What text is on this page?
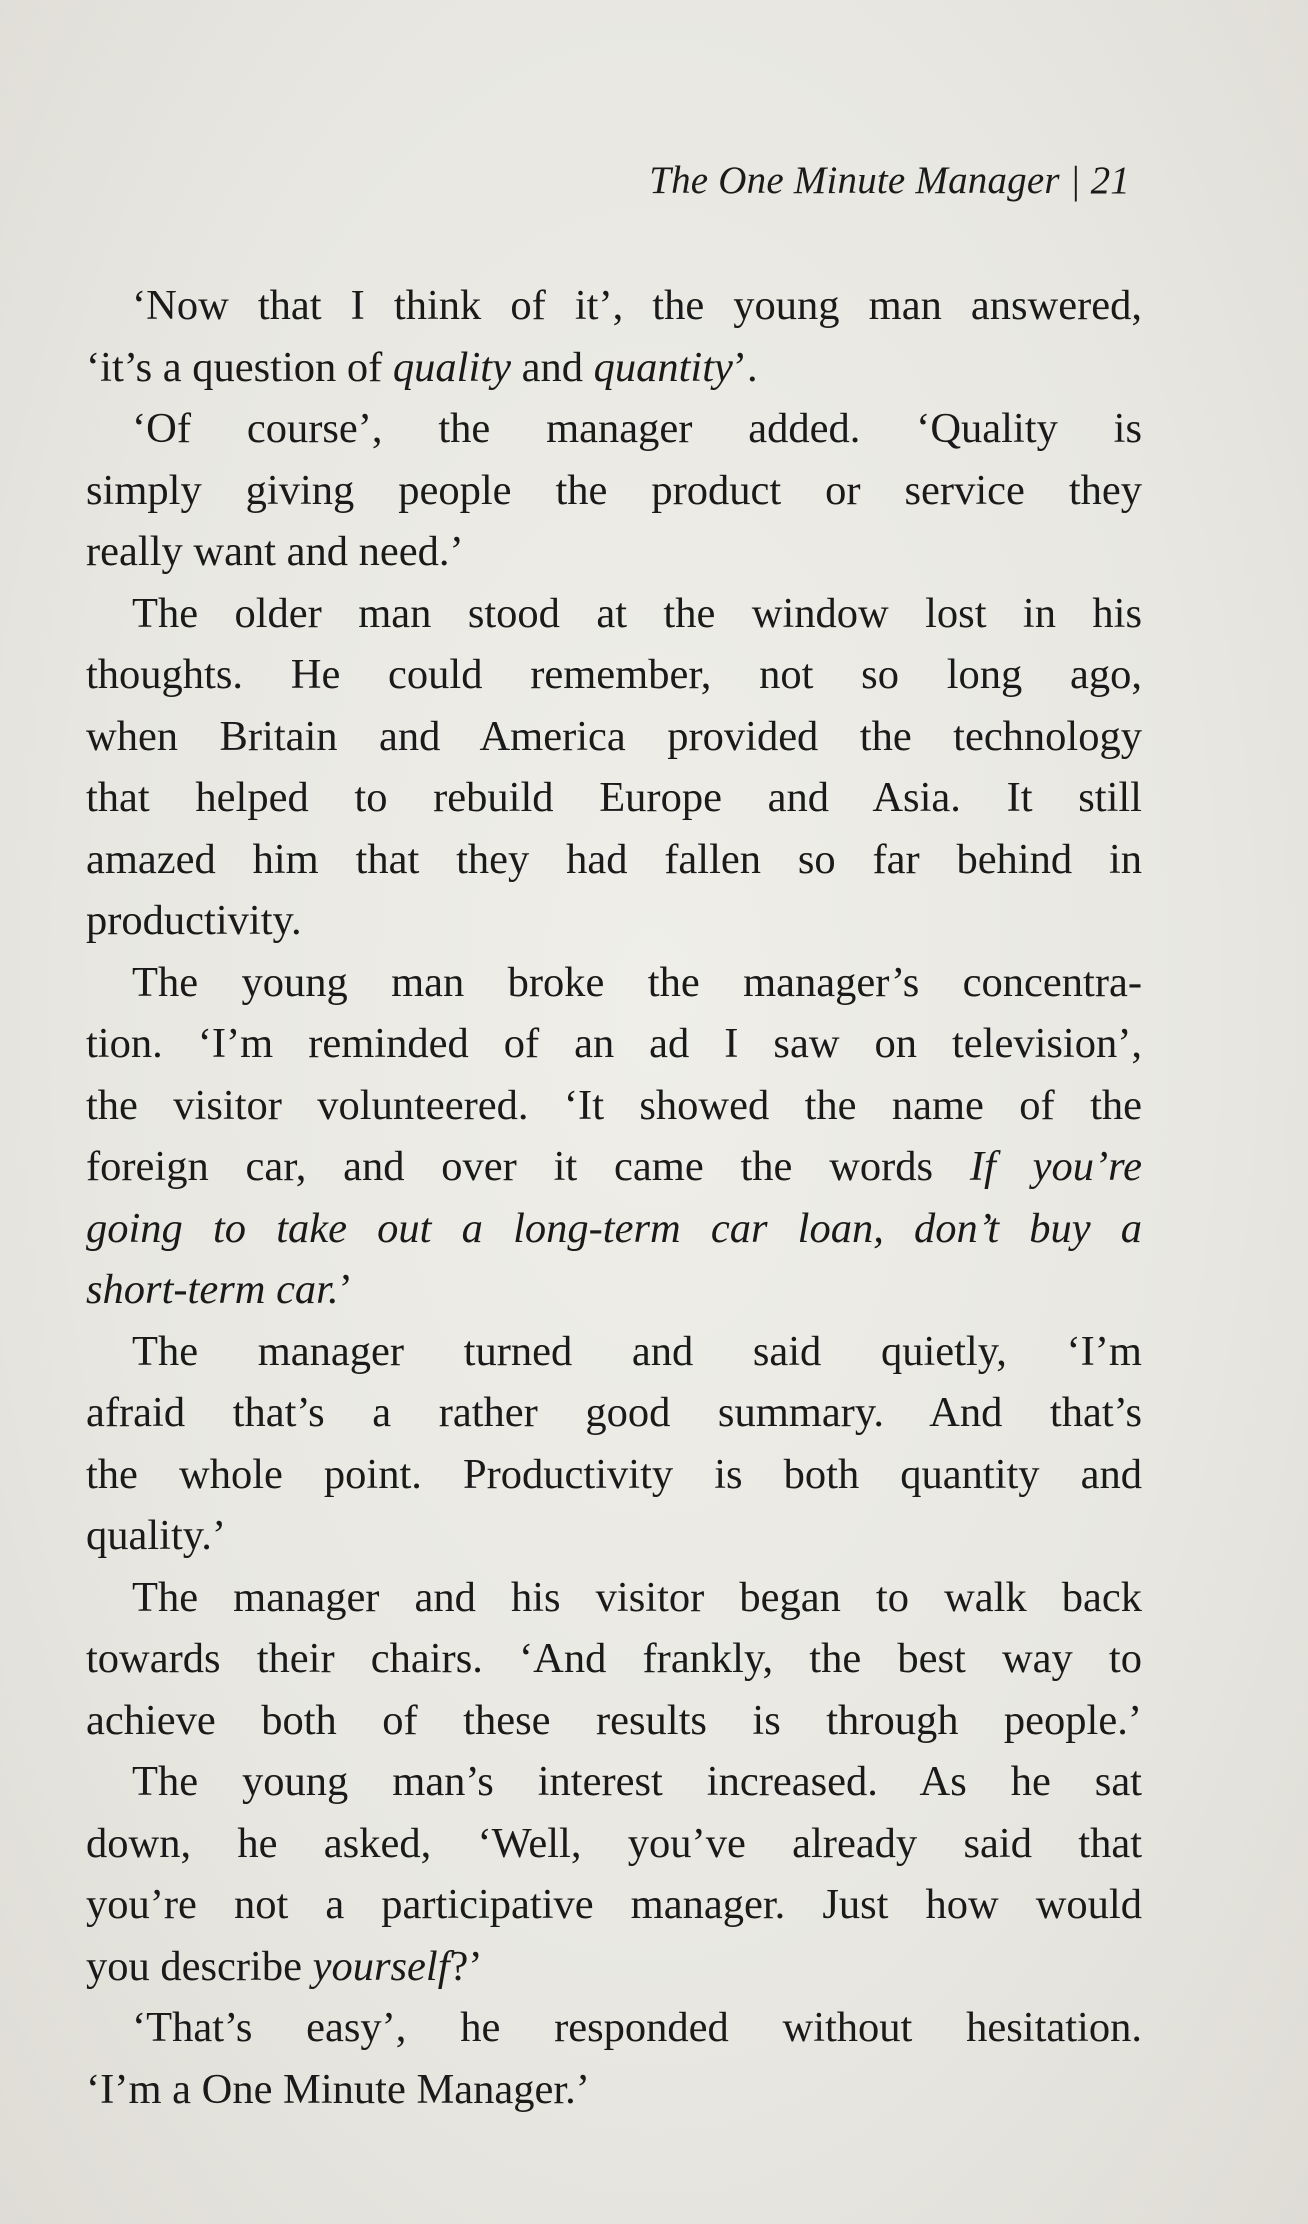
The One Minute Manager | 21
‘Now that I think of it’, the young man answered,
‘it’s a question of quality and quantity’.
‘Of course’, the manager added. ‘Quality is
simply giving people the product or service they
really want and need.’
The older man stood at the window lost in his
thoughts. He could remember, not so long ago,
when Britain and America provided the technology
that helped to rebuild Europe and Asia. It still
amazed him that they had fallen so far behind in
productivity.
The young man broke the manager’s concentra-
tion. ‘I’m reminded of an ad I saw on television’,
the visitor volunteered. ‘It showed the name of the
foreign car, and over it came the words If you’re
going to take out a long-term car loan, don’t buy a
short-term car.’
The manager turned and said quietly, ‘I’m
afraid that’s a rather good summary. And that’s
the whole point. Productivity is both quantity and
quality.’
The manager and his visitor began to walk back
towards their chairs. ‘And frankly, the best way to
achieve both of these results is through people.’
The young man’s interest increased. As he sat
down, he asked, ‘Well, you’ve already said that
you’re not a participative manager. Just how would
you describe yourself?’
‘That’s easy’, he responded without hesitation.
‘I’m a One Minute Manager.’
